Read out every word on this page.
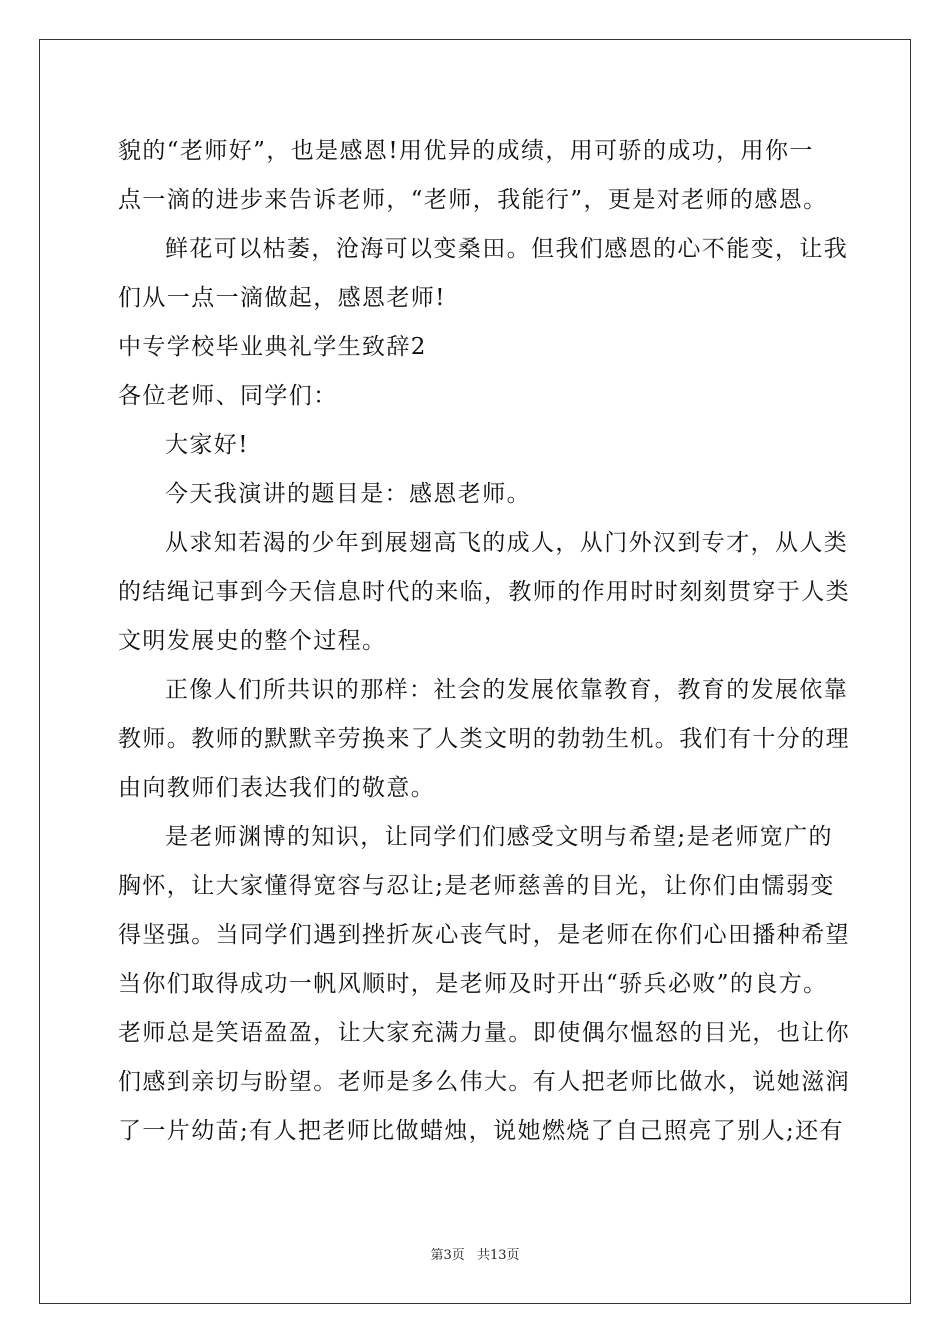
貌的“老师好”，也是感恩!用优异的成绩，用可骄的成功，用你一
点一滴的进步来告诉老师，“老师，我能行”，更是对老师的感恩。
鲜花可以枯萎，沧海可以变桑田。但我们感恩的心不能变，让我
们从一点一滴做起，感恩老师!
中专学校毕业典礼学生致辞2
各位老师、同学们：
大家好!
今天我演讲的题目是：感恩老师。
从求知若渴的少年到展翅高飞的成人，从门外汉到专才，从人类
的结绳记事到今天信息时代的来临，教师的作用时时刻刻贯穿于人类
文明发展史的整个过程。
正像人们所共识的那样：社会的发展依靠教育，教育的发展依靠
教师。教师的默默辛劳换来了人类文明的勃勃生机。我们有十分的理
由向教师们表达我们的敬意。
是老师渊博的知识，让同学们们感受文明与希望;是老师宽广的
胸怀，让大家懂得宽容与忍让;是老师慈善的目光，让你们由懦弱变
得坚强。当同学们遇到挫折灰心丧气时，是老师在你们心田播种希望
当你们取得成功一帆风顺时，是老师及时开出“骄兵必败”的良方。
老师总是笑语盈盈，让大家充满力量。即使偶尔愠怒的目光，也让你
们感到亲切与盼望。老师是多么伟大。有人把老师比做水，说她滋润
了一片幼苗;有人把老师比做蜡烛，说她燃烧了自己照亮了别人;还有
第3页 共13页
